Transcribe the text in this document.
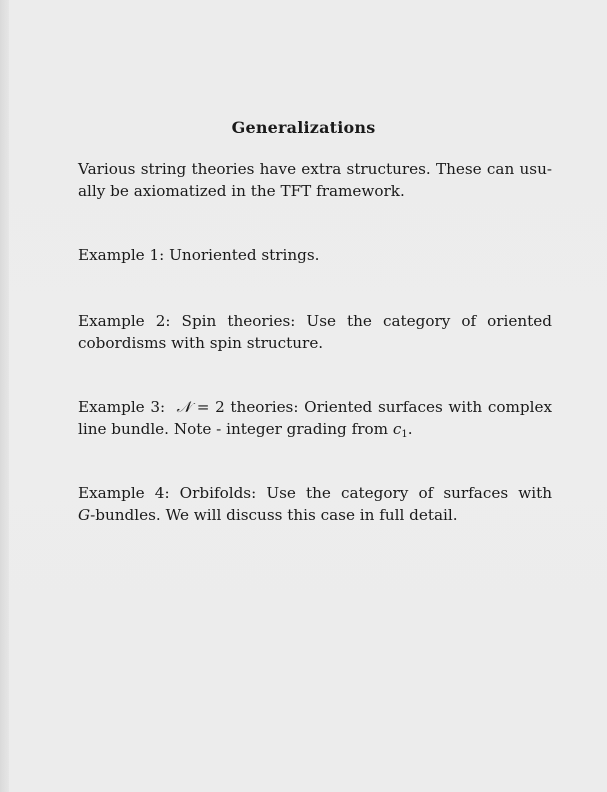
Generalizations
Various string theories have extra structures. These can usu-
ally be axiomatized in the TFT framework.
Example 1: Unoriented strings.
Example 2: Spin theories: Use the category of oriented
cobordisms with spin structure.
Example 3: 𝒩 = 2 theories: Oriented surfaces with complex
line bundle. Note - integer grading from $c_1$.
Example 4: Orbifolds: Use the category of surfaces with
G-bundles. We will discuss this case in full detail.
